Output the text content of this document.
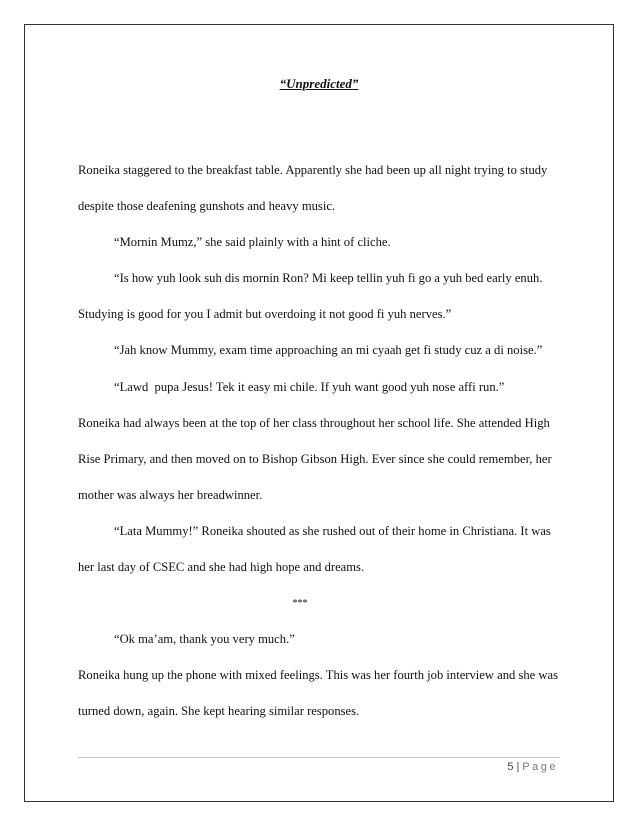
“Unpredicted”
Roneika staggered to the breakfast table. Apparently she had been up all night trying to study
despite those deafening gunshots and heavy music.
“Mornin Mumz,” she said plainly with a hint of cliche.
“Is how yuh look suh dis mornin Ron? Mi keep tellin yuh fi go a yuh bed early enuh.
Studying is good for you I admit but overdoing it not good fi yuh nerves.”
“Jah know Mummy, exam time approaching an mi cyaah get fi study cuz a di noise.”
“Lawd  pupa Jesus! Tek it easy mi chile. If yuh want good yuh nose affi run.”
Roneika had always been at the top of her class throughout her school life. She attended High
Rise Primary, and then moved on to Bishop Gibson High. Ever since she could remember, her
mother was always her breadwinner.
“Lata Mummy!” Roneika shouted as she rushed out of their home in Christiana. It was
her last day of CSEC and she had high hope and dreams.
***
“Ok ma’am, thank you very much.”
Roneika hung up the phone with mixed feelings. This was her fourth job interview and she was
turned down, again. She kept hearing similar responses.
5 | Page
